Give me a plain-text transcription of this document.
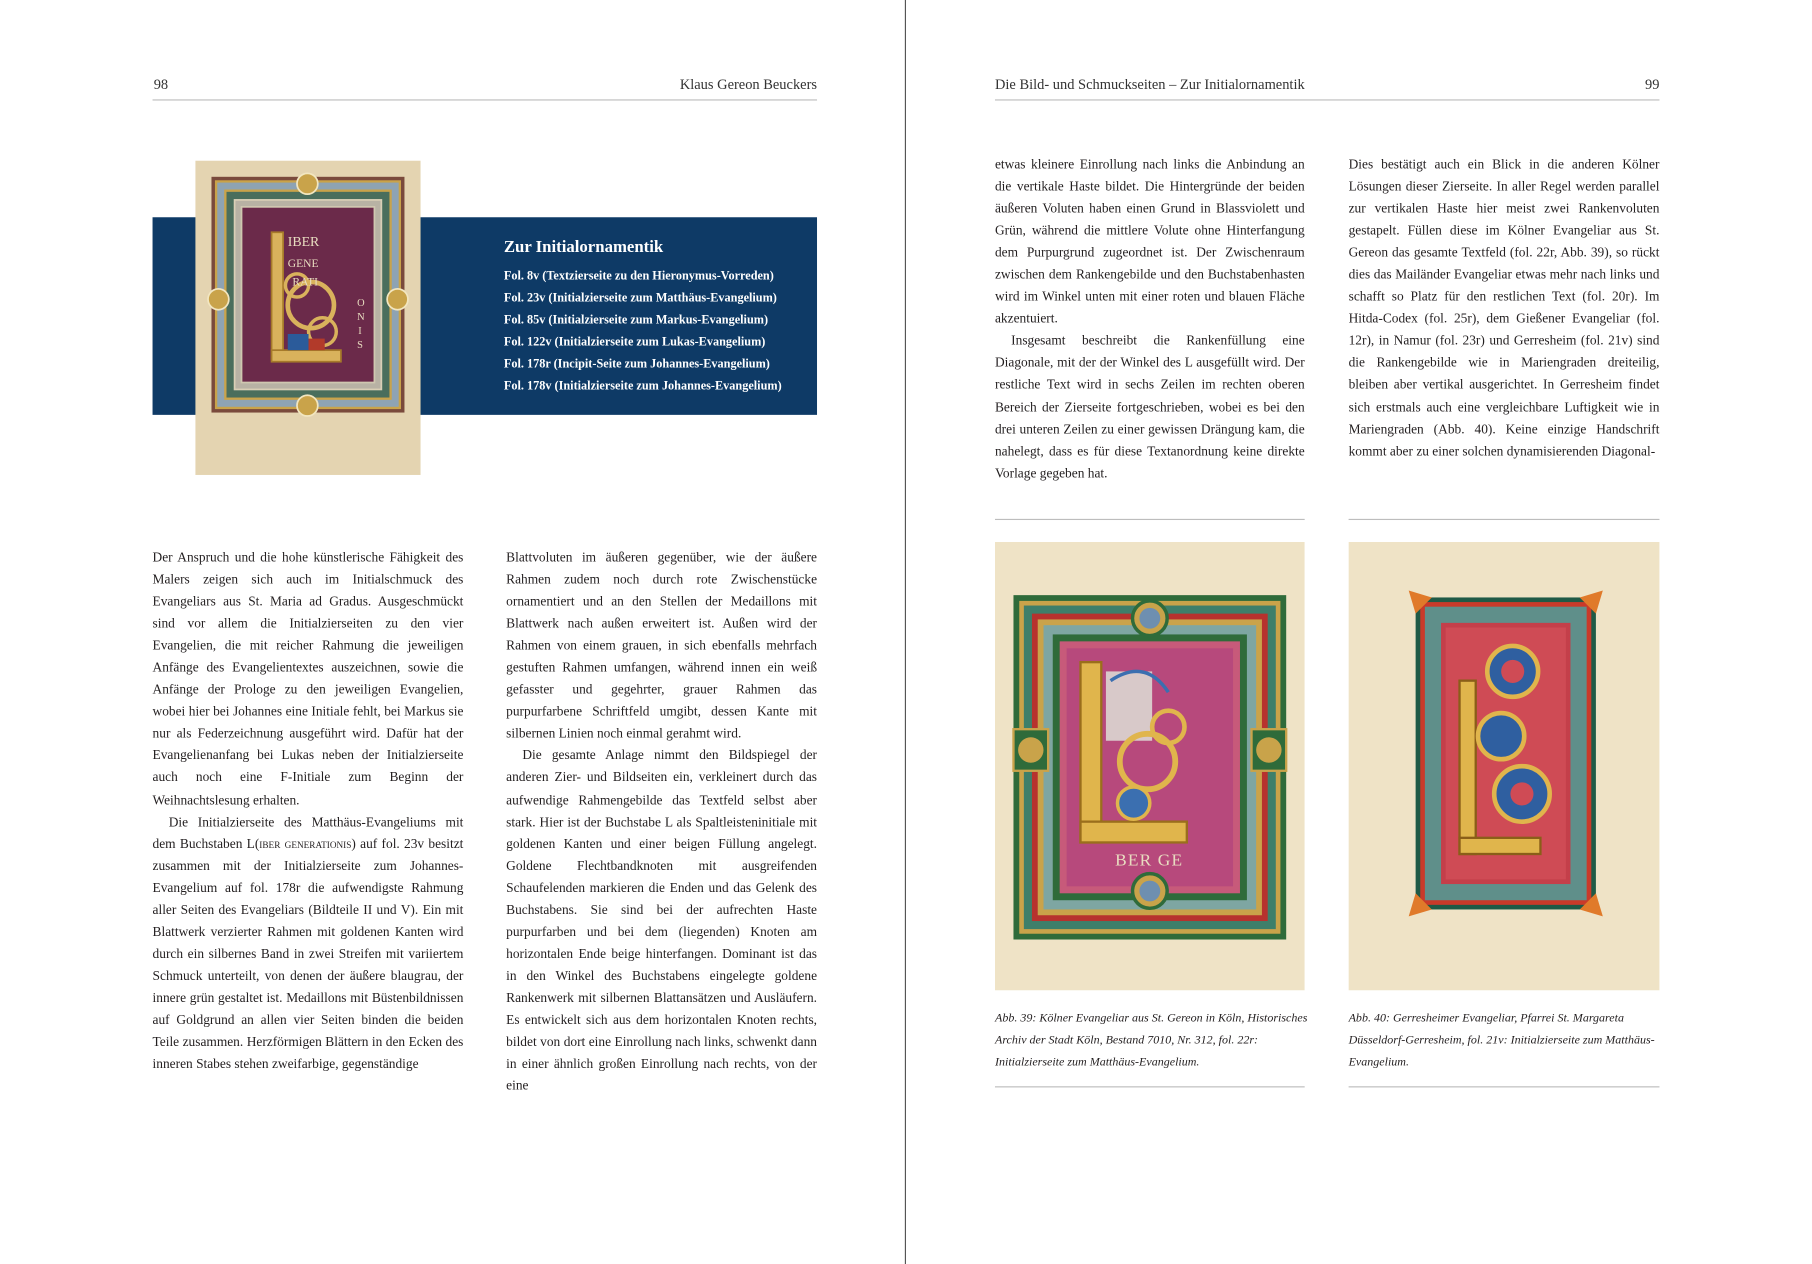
98	Klaus Gereon Beuckers
Zur Initialornamentik
Fol. 8v (Textzierseite zu den Hieronymus-Vorreden)
Fol. 23v (Initialzierseite zum Matthäus-Evangelium)
Fol. 85v (Initialzierseite zum Markus-Evangelium)
Fol. 122v (Initialzierseite zum Lukas-Evangelium)
Fol. 178r (Incipit-Seite zum Johannes-Evangelium)
Fol. 178v (Initialzierseite zum Johannes-Evangelium)
IBER
GENE
RATI
O
N
I
S

Der Anspruch und die hohe künstlerische Fähigkeit des Malers zeigen sich auch im Initialschmuck des Evangeliars aus St. Maria ad Gradus. Ausgeschmückt sind vor allem die Initialzierseiten zu den vier Evangelien, die mit reicher Rahmung die jeweiligen Anfänge des Evangelientextes auszeichnen, sowie die Anfänge der Prologe zu den jeweiligen Evangelien, wobei hier bei Johannes eine Initiale fehlt, bei Markus sie nur als Federzeichnung ausgeführt wird. Dafür hat der Evangelienanfang bei Lukas neben der Initialzierseite auch noch eine F-Initiale zum Beginn der Weihnachtslesung erhalten.

Die Initialzierseite des Matthäus-Evangeliums mit dem Buchstaben L(iber generationis) auf fol. 23v besitzt zusammen mit der Initialzierseite zum Johannes-Evangelium auf fol. 178r die aufwendigste Rahmung aller Seiten des Evangeliars (Bildteile II und V). Ein mit Blattwerk verzierter Rahmen mit goldenen Kanten wird durch ein silbernes Band in zwei Streifen mit variiertem Schmuck unterteilt, von denen der äußere blaugrau, der innere grün gestaltet ist. Medaillons mit Büstenbildnissen auf Goldgrund an allen vier Seiten binden die beiden Teile zusammen. Herzförmigen Blättern in den Ecken des inneren Stabes stehen zweifarbige, gegenständige

Blattvoluten im äußeren gegenüber, wie der äußere Rahmen zudem noch durch rote Zwischenstücke ornamentiert und an den Stellen der Medaillons mit Blattwerk nach außen erweitert ist. Außen wird der Rahmen von einem grauen, in sich ebenfalls mehrfach gestuften Rahmen umfangen, während innen ein weiß gefasster und gegehrter, grauer Rahmen das purpurfarbene Schriftfeld umgibt, dessen Kante mit silbernen Linien noch einmal gerahmt wird.

Die gesamte Anlage nimmt den Bildspiegel der anderen Zier- und Bildseiten ein, verkleinert durch das aufwendige Rahmengebilde das Textfeld selbst aber stark. Hier ist der Buchstabe L als Spaltleisteninitiale mit goldenen Kanten und einer beigen Füllung angelegt. Goldene Flechtbandknoten mit ausgreifenden Schaufelenden markieren die Enden und das Gelenk des Buchstabens. Sie sind bei der aufrechten Haste purpurfarben und bei dem (liegenden) Knoten am horizontalen Ende beige hinterfangen. Dominant ist das in den Winkel des Buchstabens eingelegte goldene Rankenwerk mit silbernen Blattansätzen und Ausläufern. Es entwickelt sich aus dem horizontalen Knoten rechts, bildet von dort eine Einrollung nach links, schwenkt dann in einer ähnlich großen Einrollung nach rechts, von der eine

Die Bild- und Schmuckseiten – Zur Initialornamentik	99

etwas kleinere Einrollung nach links die Anbindung an die vertikale Haste bildet. Die Hintergründe der beiden äußeren Voluten haben einen Grund in Blassviolett und Grün, während die mittlere Volute ohne Hinterfangung dem Purpurgrund zugeordnet ist. Der Zwischenraum zwischen dem Rankengebilde und den Buchstabenhasten wird im Winkel unten mit einer roten und blauen Fläche akzentuiert.

Insgesamt beschreibt die Rankenfüllung eine Diagonale, mit der der Winkel des L ausgefüllt wird. Der restliche Text wird in sechs Zeilen im rechten oberen Bereich der Zierseite fortgeschrieben, wobei es bei den drei unteren Zeilen zu einer gewissen Drängung kam, die nahelegt, dass es für diese Textanordnung keine direkte Vorlage gegeben hat.

Dies bestätigt auch ein Blick in die anderen Kölner Lösungen dieser Zierseite. In aller Regel werden parallel zur vertikalen Haste hier meist zwei Rankenvoluten gestapelt. Füllen diese im Kölner Evangeliar aus St. Gereon das gesamte Textfeld (fol. 22r, Abb. 39), so rückt dies das Mailänder Evangeliar etwas mehr nach links und schafft so Platz für den restlichen Text (fol. 20r). Im Hitda-Codex (fol. 25r), dem Gießener Evangeliar (fol. 12r), in Namur (fol. 23r) und Gerresheim (fol. 21v) sind die Rankengebilde wie in Mariengraden dreiteilig, bleiben aber vertikal ausgerichtet. In Gerresheim findet sich erstmals auch eine vergleichbare Luftigkeit wie in Mariengraden (Abb. 40). Keine einzige Handschrift kommt aber zu einer solchen dynamisierenden Diagonal-

BER GE
Abb. 39: Kölner Evangeliar aus St. Gereon in Köln, Historisches Archiv der Stadt Köln, Bestand 7010, Nr. 312, fol. 22r: Initialzierseite zum Matthäus-Evangelium.
Abb. 40: Gerresheimer Evangeliar, Pfarrei St. Margareta Düsseldorf-Gerresheim, fol. 21v: Initialzierseite zum Matthäus-Evangelium.
